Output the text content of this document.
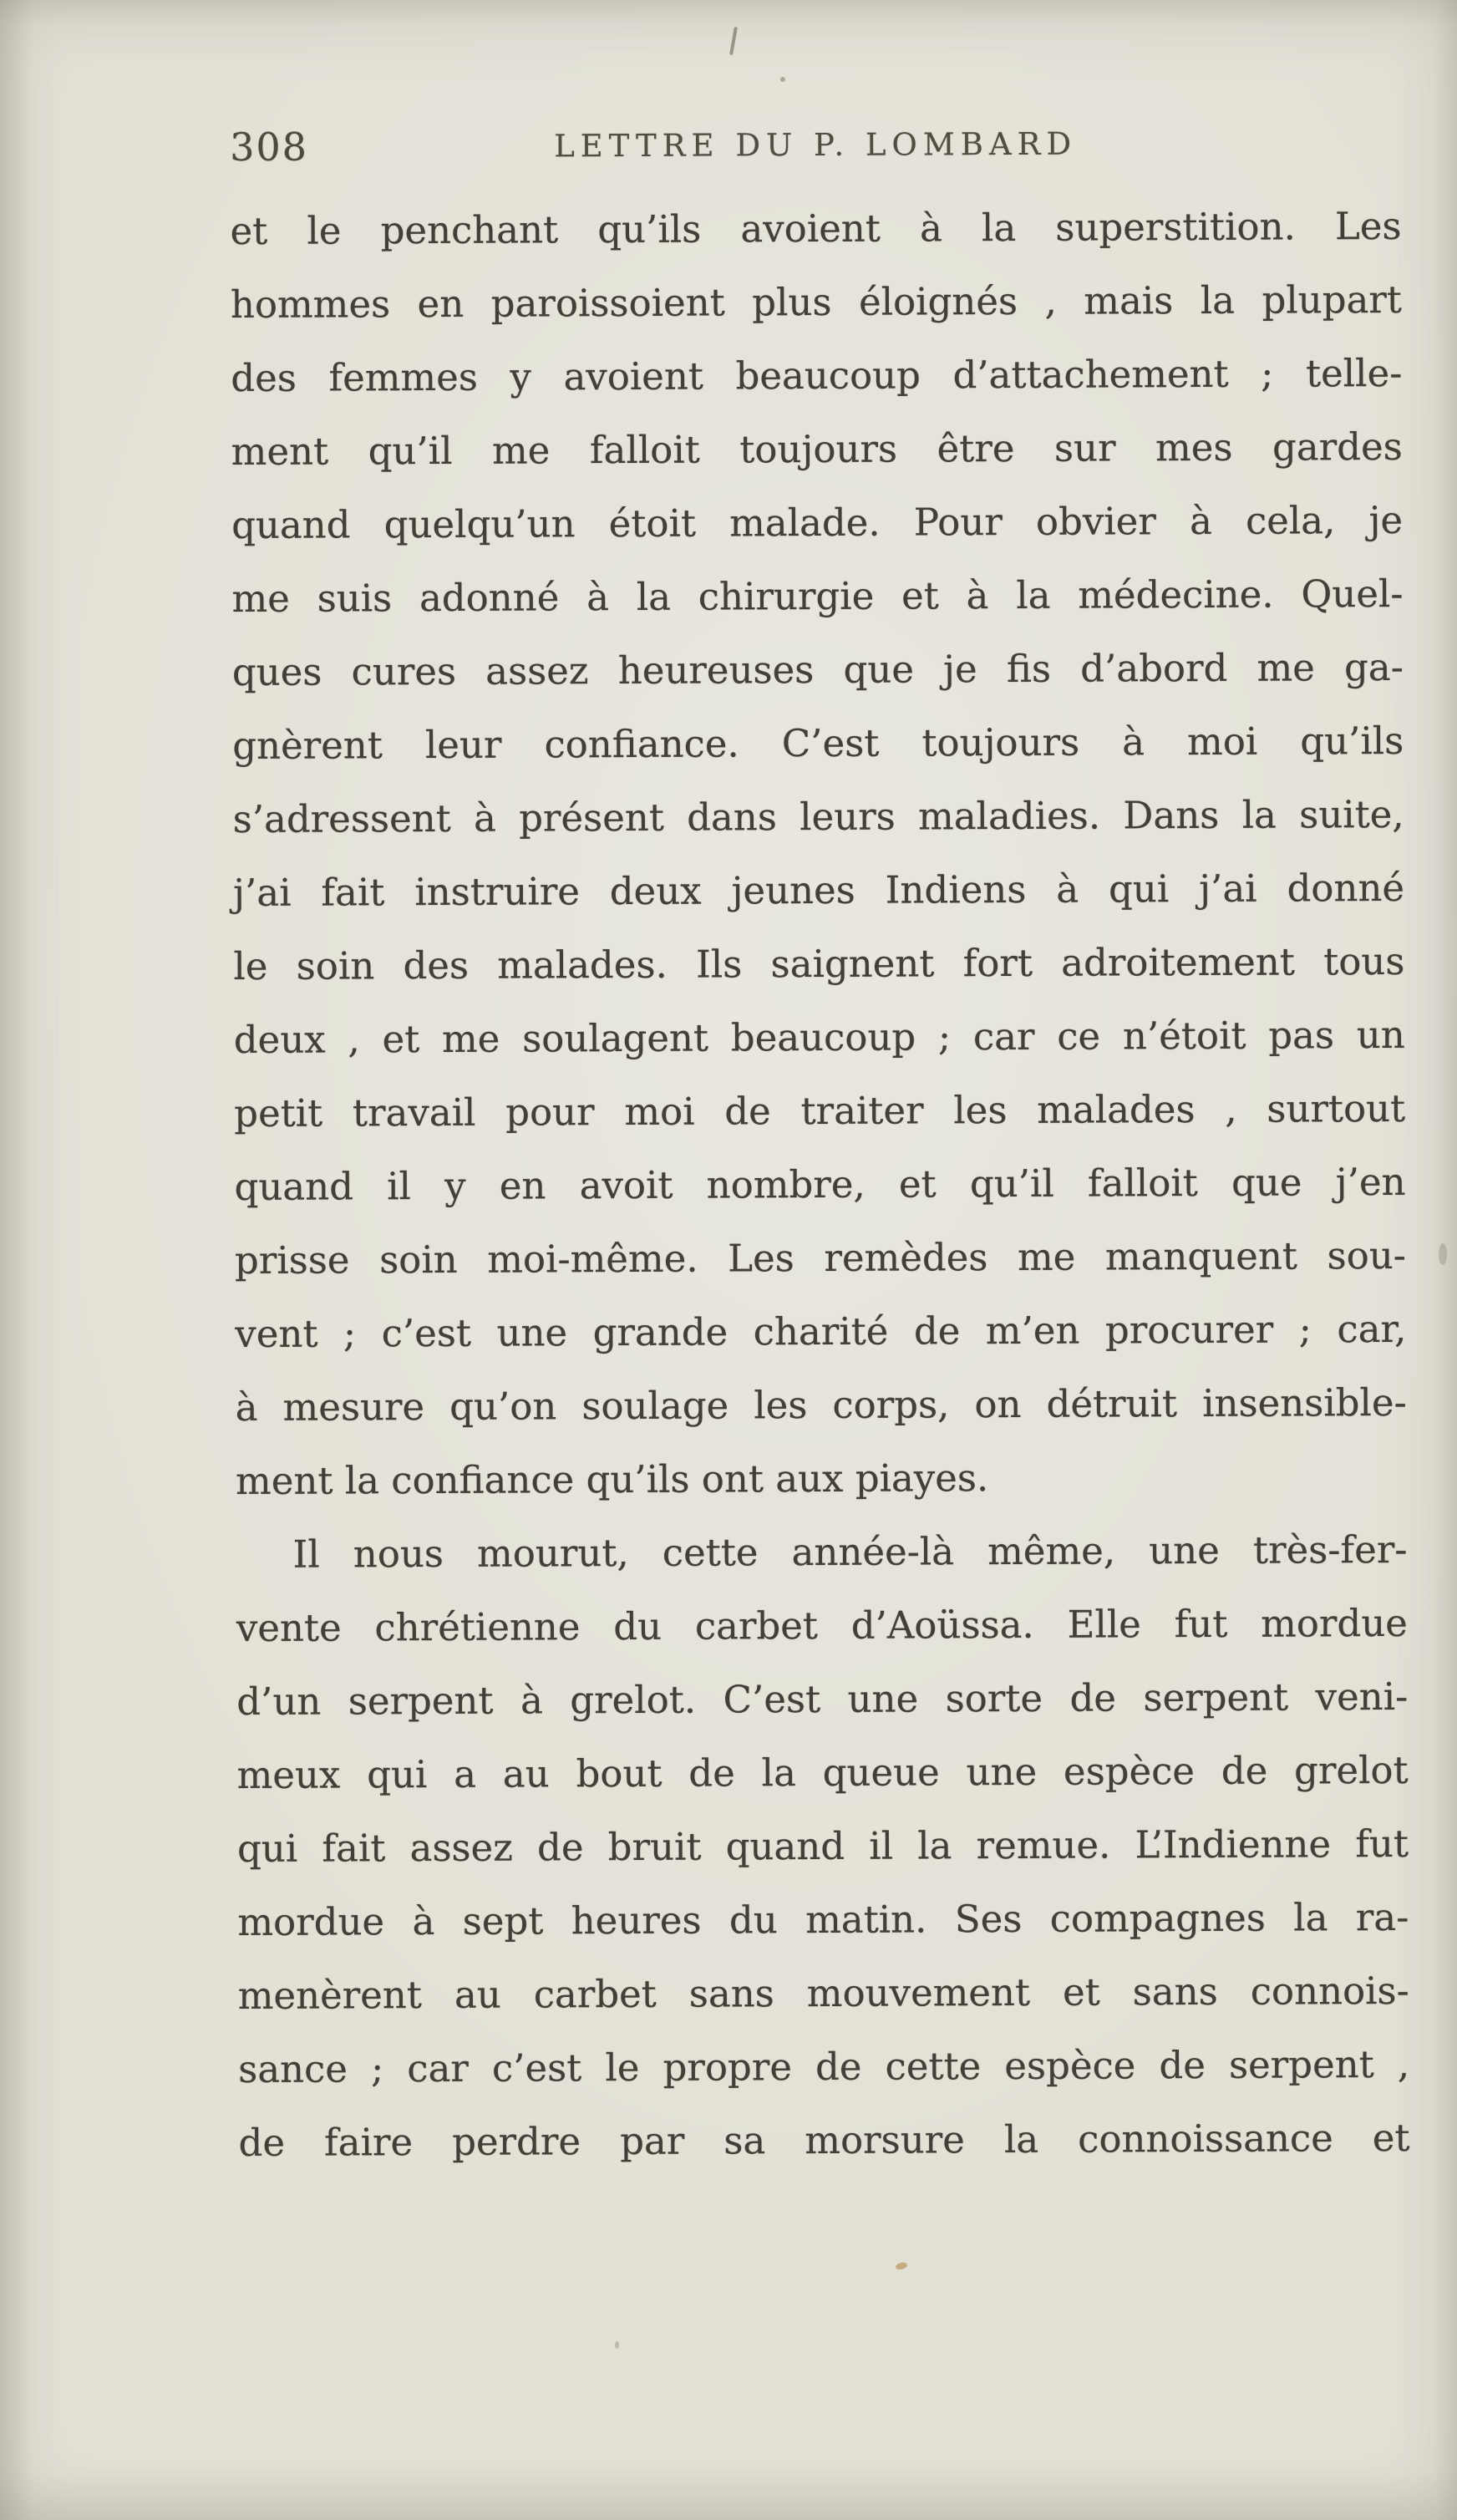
308	LETTRE DU P. LOMBARD
et le penchant qu’ils avoient à la superstition. Les
hommes en paroissoient plus éloignés , mais la plupart
des femmes y avoient beaucoup d’attachement ; telle-
ment qu’il me falloit toujours être sur mes gardes
quand quelqu’un étoit malade. Pour obvier à cela, je
me suis adonné à la chirurgie et à la médecine. Quel-
ques cures assez heureuses que je fis d’abord me ga-
gnèrent leur confiance. C’est toujours à moi qu’ils
s’adressent à présent dans leurs maladies. Dans la suite,
j’ai fait instruire deux jeunes Indiens à qui j’ai donné
le soin des malades. Ils saignent fort adroitement tous
deux , et me soulagent beaucoup ; car ce n’étoit pas un
petit travail pour moi de traiter les malades , surtout
quand il y en avoit nombre, et qu’il falloit que j’en
prisse soin moi-même. Les remèdes me manquent sou-
vent ; c’est une grande charité de m’en procurer ; car,
à mesure qu’on soulage les corps, on détruit insensible-
ment la confiance qu’ils ont aux piayes.
Il nous mourut, cette année-là même, une très-fer-
vente chrétienne du carbet d’Aoüssa. Elle fut mordue
d’un serpent à grelot. C’est une sorte de serpent veni-
meux qui a au bout de la queue une espèce de grelot
qui fait assez de bruit quand il la remue. L’Indienne fut
mordue à sept heures du matin. Ses compagnes la ra-
menèrent au carbet sans mouvement et sans connois-
sance ; car c’est le propre de cette espèce de serpent ,
de faire perdre par sa morsure la connoissance et
